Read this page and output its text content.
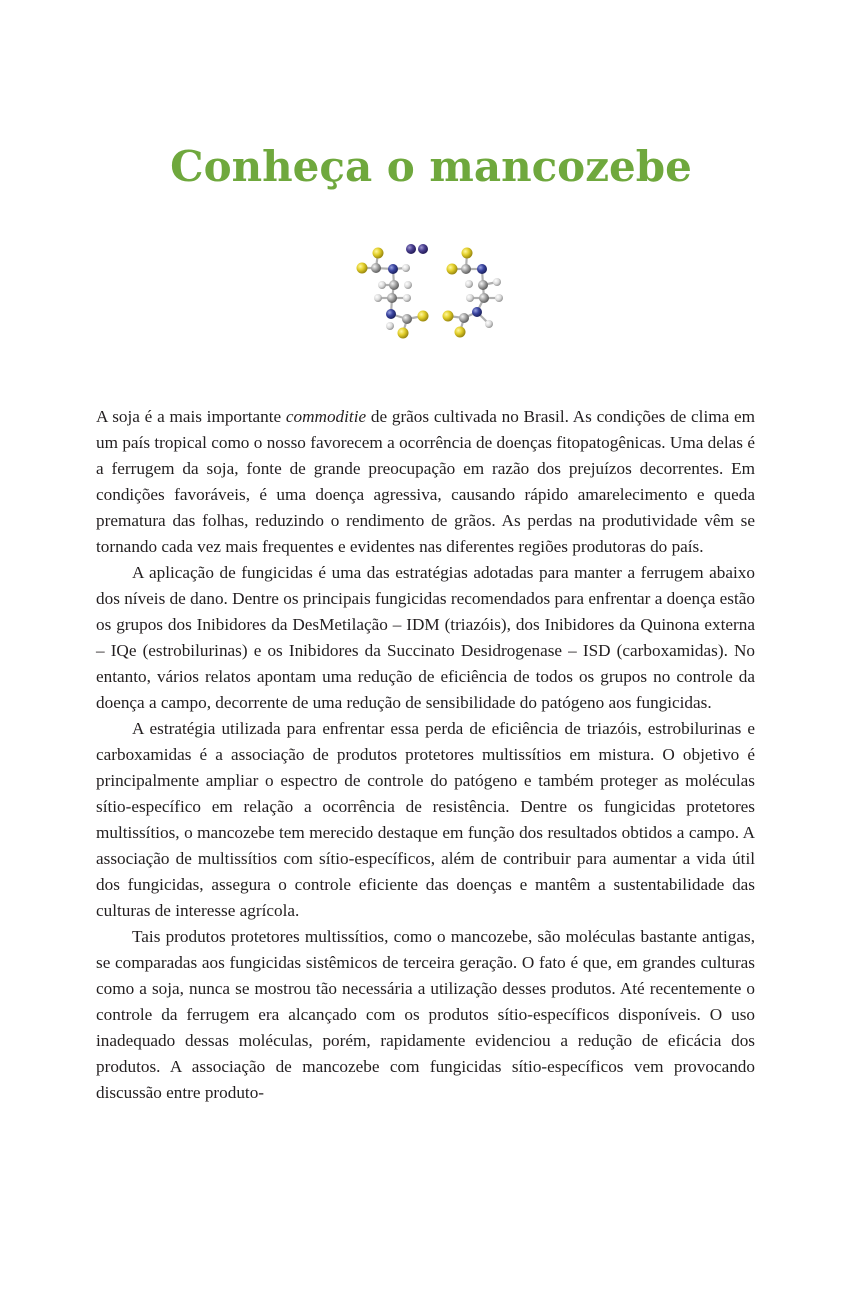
Conheça o mancozebe

A soja é a mais importante commoditie de grãos cultivada no Brasil. As condições de clima em um país tropical como o nosso favorecem a ocorrência de doenças fitopatogênicas. Uma delas é a ferrugem da soja, fonte de grande preocupação em razão dos prejuízos decorrentes. Em condições favoráveis, é uma doença agressiva, causando rápido amarelecimento e queda prematura das folhas, reduzindo o rendimento de grãos. As perdas na produtividade vêm se tornando cada vez mais frequentes e evidentes nas diferentes regiões produtoras do país.

A aplicação de fungicidas é uma das estratégias adotadas para manter a ferrugem abaixo dos níveis de dano. Dentre os principais fungicidas recomendados para enfrentar a doença estão os grupos dos Inibidores da DesMetilação – IDM (triazóis), dos Inibidores da Quinona externa – IQe (estrobilurinas) e os Inibidores da Succinato Desidrogenase – ISD (carboxamidas). No entanto, vários relatos apontam uma redução de eficiência de todos os grupos no controle da doença a campo, decorrente de uma redução de sensibilidade do patógeno aos fungicidas.

A estratégia utilizada para enfrentar essa perda de eficiência de triazóis, estrobilurinas e carboxamidas é a associação de produtos protetores multissítios em mistura. O objetivo é principalmente ampliar o espectro de controle do patógeno e também proteger as moléculas sítio-específico em relação a ocorrência de resistência. Dentre os fungicidas protetores multissítios, o mancozebe tem merecido destaque em função dos resultados obtidos a campo. A associação de multissítios com sítio-específicos, além de contribuir para aumentar a vida útil dos fungicidas, assegura o controle eficiente das doenças e mantêm a sustentabilidade das culturas de interesse agrícola.

Tais produtos protetores multissítios, como o mancozebe, são moléculas bastante antigas, se comparadas aos fungicidas sistêmicos de terceira geração. O fato é que, em grandes culturas como a soja, nunca se mostrou tão necessária a utilização desses produtos. Até recentemente o controle da ferrugem era alcançado com os produtos sítio-específicos disponíveis. O uso inadequado dessas moléculas, porém, rapidamente evidenciou a redução de eficácia dos produtos. A associação de mancozebe com fungicidas sítio-específicos vem provocando discussão entre produto-
